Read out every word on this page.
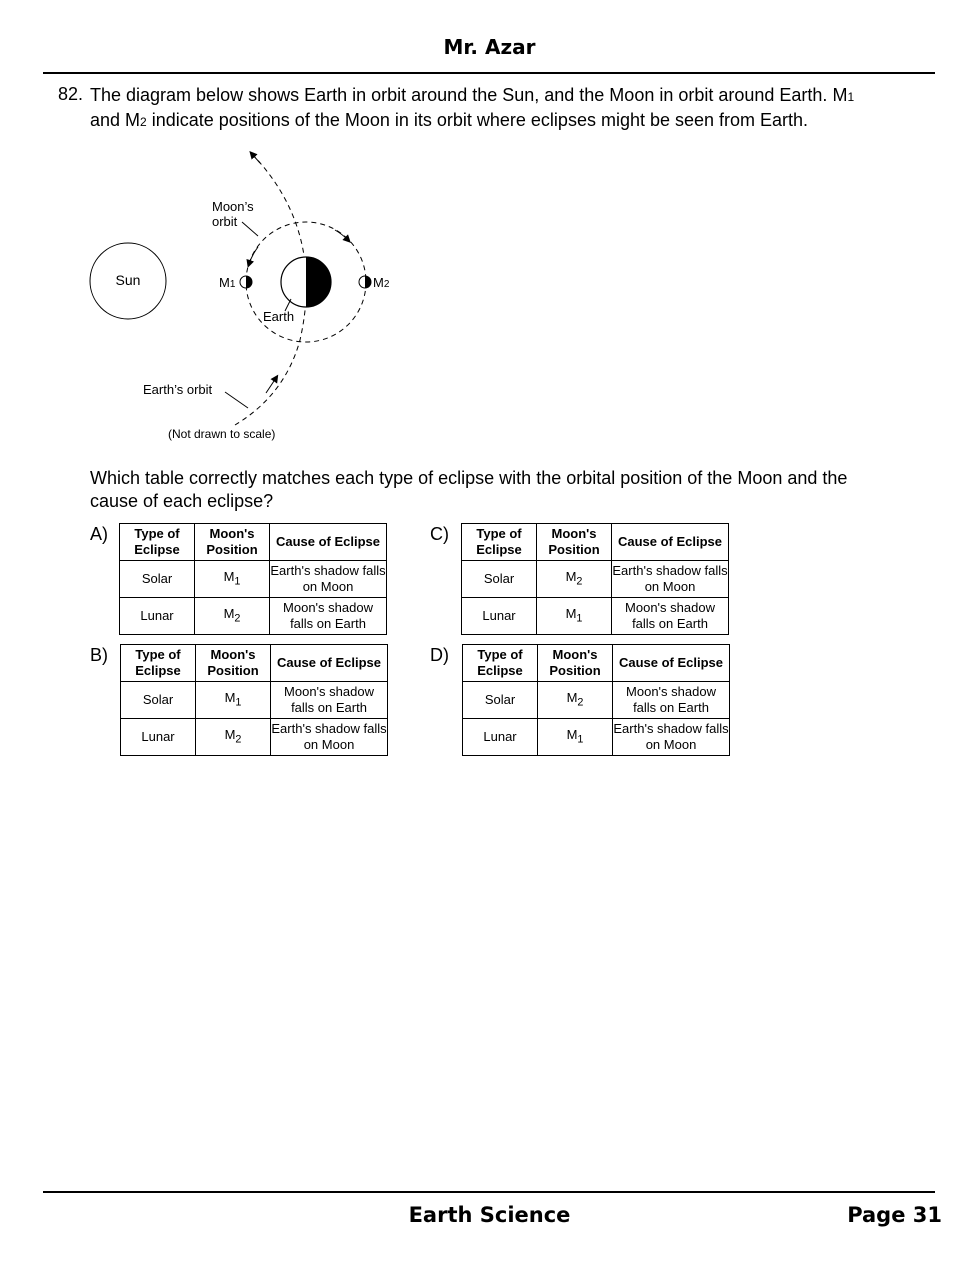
Mr. Azar
82. The diagram below shows Earth in orbit around the Sun, and the Moon in orbit around Earth. M1 and M2 indicate positions of the Moon in its orbit where eclipses might be seen from Earth.
Sun	M1	M2
Moon’s
orbit
Earth
Earth’s orbit
(Not drawn to scale)
Which table correctly matches each type of eclipse with the orbital position of the Moon and the cause of each eclipse?
A) Type of Eclipse	Moon's Position	Cause of Eclipse
Solar	$M_1$	Earth's shadow falls on Moon
Lunar	$M_2$	Moon's shadow falls on Earth
B) Type of Eclipse	Moon's Position	Cause of Eclipse
Solar	$M_1$	Moon's shadow falls on Earth
Lunar	$M_2$	Earth's shadow falls on Moon
C) Type of Eclipse	Moon's Position	Cause of Eclipse
Solar	$M_2$	Earth's shadow falls on Moon
Lunar	$M_1$	Moon's shadow falls on Earth
D) Type of Eclipse	Moon's Position	Cause of Eclipse
Solar	$M_2$	Moon's shadow falls on Earth
Lunar	$M_1$	Earth's shadow falls on Moon
Earth Science	Page 31
